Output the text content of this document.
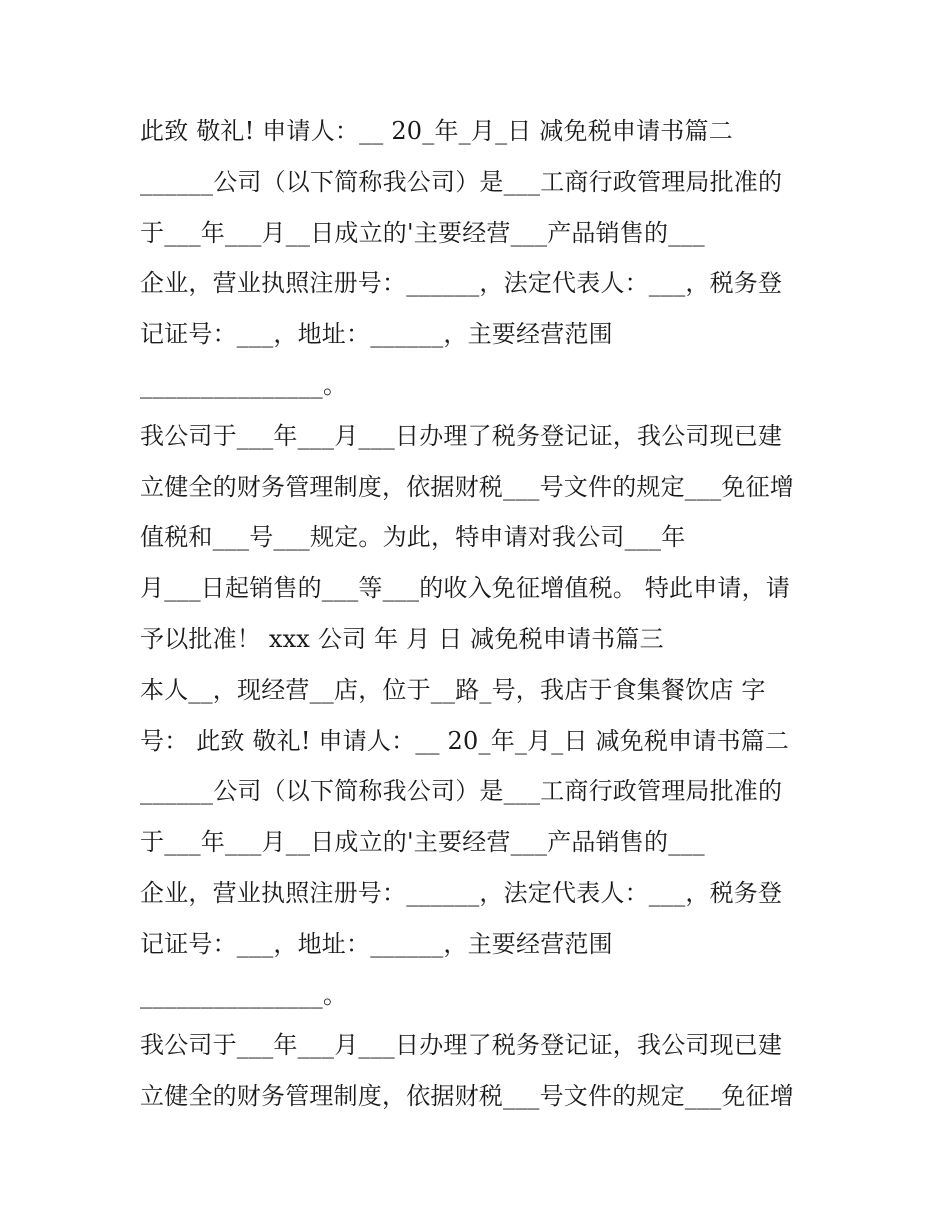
此致 敬礼! 申请人：__ 20_年_月_日 减免税申请书篇二
______公司（以下简称我公司）是___工商行政管理局批准的
于___年___月__日成立的'主要经营___产品销售的___
企业，营业执照注册号：______，法定代表人：___，税务登
记证号：___，地址：______，主要经营范围
_______________。
我公司于___年___月___日办理了税务登记证，我公司现已建
立健全的财务管理制度，依据财税___号文件的规定___免征增
值税和___号___规定。为此，特申请对我公司___年
月___日起销售的___等___的收入免征增值税。 特此申请，请
予以批准！ xxx 公司 年 月 日 减免税申请书篇三
本人__，现经营__店，位于__路_号，我店于食集餐饮店 字
号： 此致 敬礼! 申请人：__ 20_年_月_日 减免税申请书篇二
______公司（以下简称我公司）是___工商行政管理局批准的
于___年___月__日成立的'主要经营___产品销售的___
企业，营业执照注册号：______，法定代表人：___，税务登
记证号：___，地址：______，主要经营范围
_______________。
我公司于___年___月___日办理了税务登记证，我公司现已建
立健全的财务管理制度，依据财税___号文件的规定___免征增
